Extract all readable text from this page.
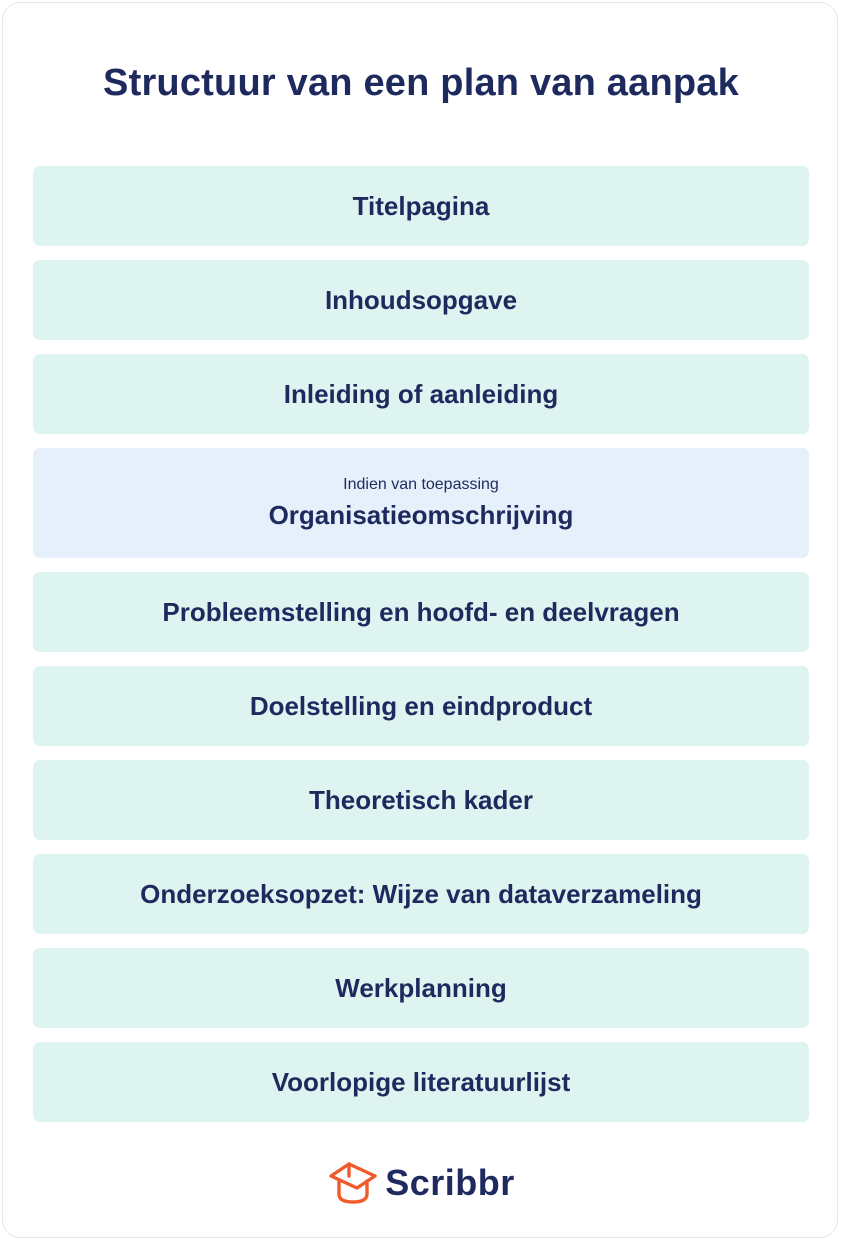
Structuur van een plan van aanpak
Titelpagina
Inhoudsopgave
Inleiding of aanleiding
Indien van toepassing
Organisatieomschrijving
Probleemstelling en hoofd- en deelvragen
Doelstelling en eindproduct
Theoretisch kader
Onderzoeksopzet: Wijze van dataverzameling
Werkplanning
Voorlopige literatuurlijst
Scribbr
